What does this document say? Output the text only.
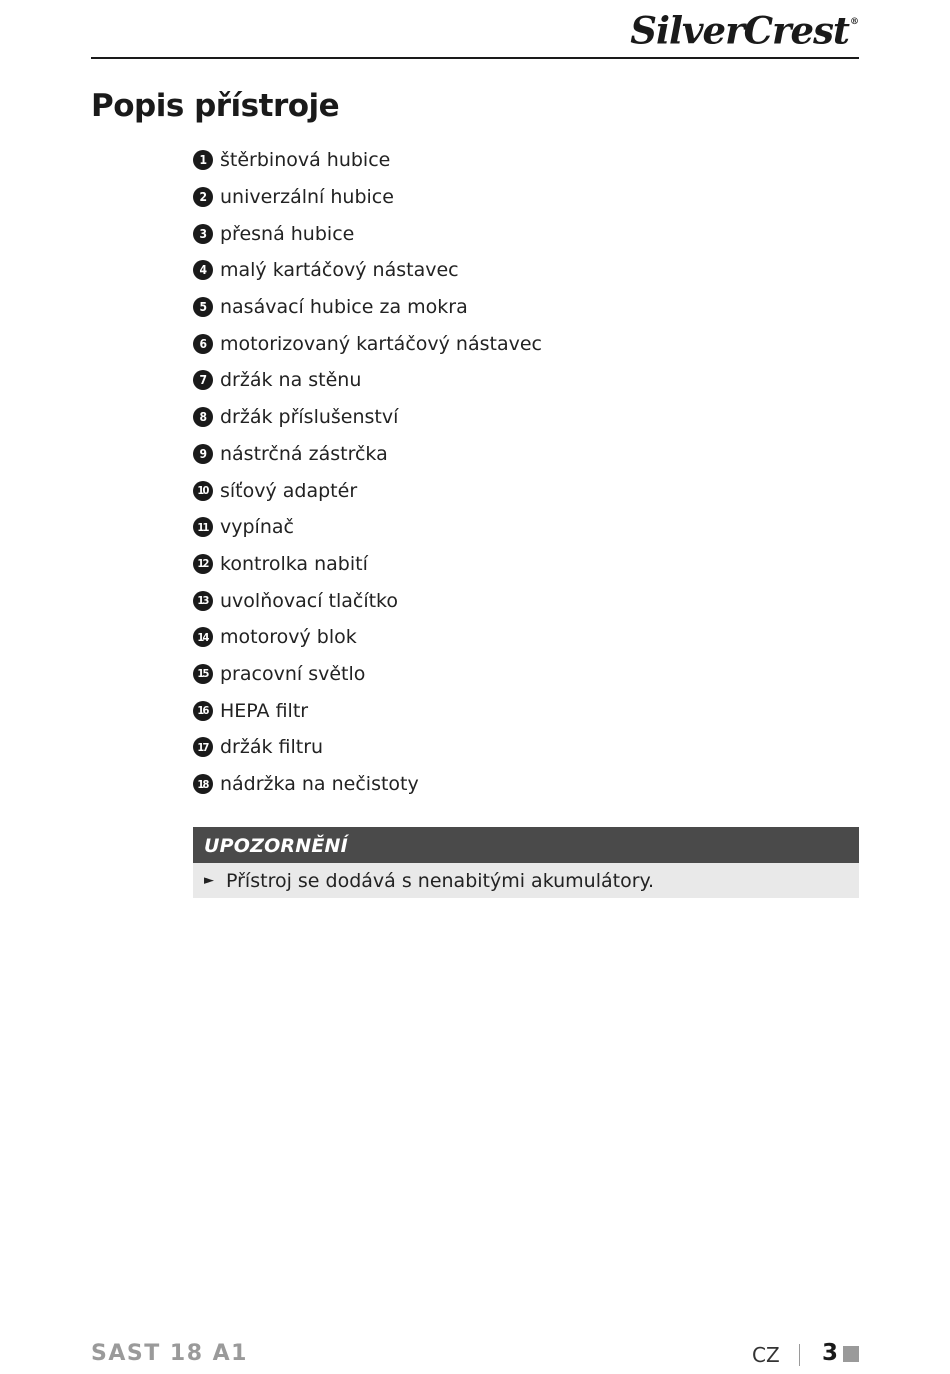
SilverCrest®
Popis přístroje
1 štěrbinová hubice
2 univerzální hubice
3 přesná hubice
4 malý kartáčový nástavec
5 nasávací hubice za mokra
6 motorizovaný kartáčový nástavec
7 držák na stěnu
8 držák příslušenství
9 nástrčná zástrčka
10 síťový adaptér
11 vypínač
12 kontrolka nabití
13 uvolňovací tlačítko
14 motorový blok
15 pracovní světlo
16 HEPA filtr
17 držák filtru
18 nádržka na nečistoty
UPOZORNĚNÍ
► Přístroj se dodává s nenabitými akumulátory.
SAST 18 A1	CZ 3
